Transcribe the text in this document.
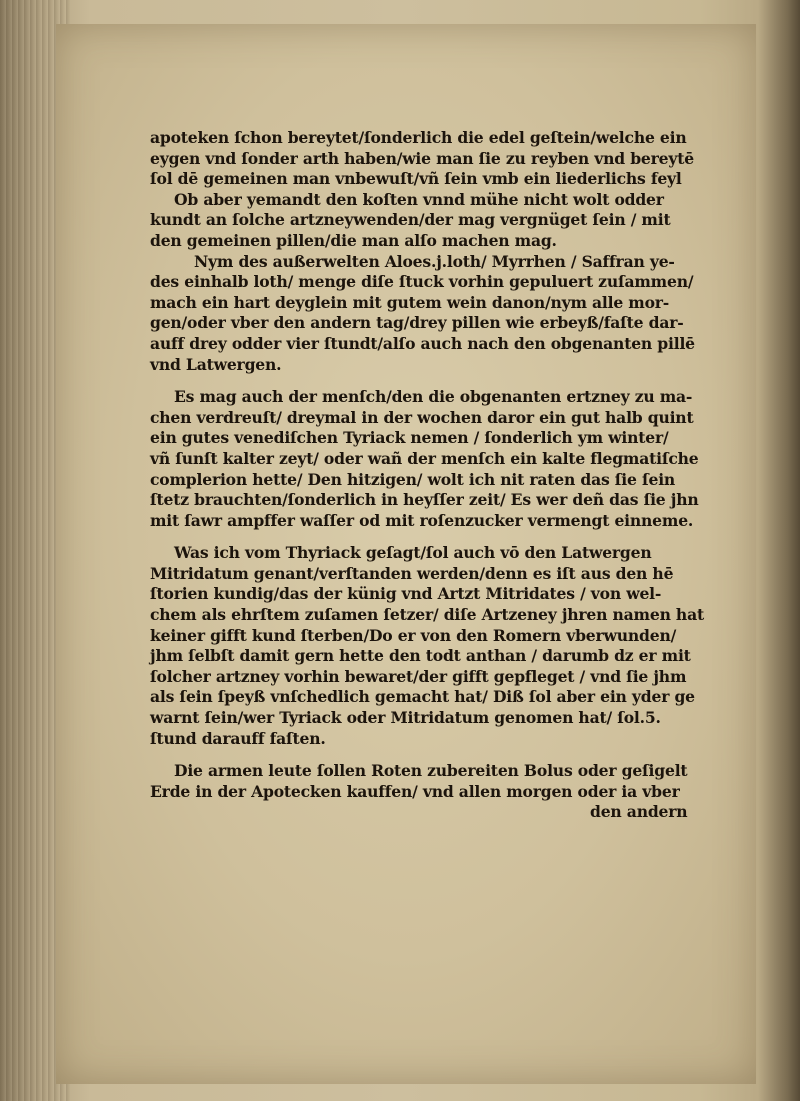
apoteken ſchon bereytet/ſonderlich die edel geſtein/welche ein
eygen vnd ſonder arth haben/wie man ſie zu reyben vnd bereytē
ſol dē gemeinen man vnbewuſt/vñ ſein vmb ein liederlichs feyl
Ob aber yemandt den koſten vnnd mühe nicht wolt odder
kundt an ſolche artzneywenden/der mag vergnüget ſein / mit
den gemeinen pillen/die man alſo machen mag.
Nym des außerwelten Aloes.j.loth/ Myrrhen / Saffran ye-
des einhalb loth/ menge diſe ſtuck vorhin gepuluert zuſammen/
mach ein hart deyglein mit gutem wein danon/nym alle mor-
gen/oder vber den andern tag/drey pillen wie erbeyß/faſte dar-
auff drey odder vier ſtundt/alſo auch nach den obgenanten pillē
vnd Latwergen.
Es mag auch der menſch/den die obgenanten ertzney zu ma-
chen verdreuſt/ dreymal in der wochen daror ein gut halb quint
ein gutes venediſchen Tyriack nemen / ſonderlich ym winter/
vñ ſunſt kalter zeyt/ oder wañ der menſch ein kalte flegmatiſche
complerion hette/ Den hitzigen/ wolt ich nit raten das ſie ſein
ſtetz brauchten/ſonderlich in heyſſer zeit/ Es wer deñ das ſie jhn
mit ſawr ampffer waſſer od mit roſenzucker vermengt einneme.
Was ich vom Thyriack geſagt/ſol auch vō den Latwergen
Mitridatum genant/verſtanden werden/denn es iſt aus den hē
ſtorien kundig/das der künig vnd Artzt Mitridates / von wel-
chem als ehrſtem zuſamen ſetzer/ diſe Artzeney jhren namen hat
keiner gifft kund ſterben/Do er von den Romern vberwunden/
jhm ſelbſt damit gern hette den todt anthan / darumb dz er mit
ſolcher artzney vorhin bewaret/der gifft gepfleget / vnd ſie jhm
als ſein ſpeyß vnſchedlich gemacht hat/ Diß ſol aber ein yder ge
warnt ſein/wer Tyriack oder Mitridatum genomen hat/ ſol.5.
ſtund darauff faſten.
Die armen leute ſollen Roten zubereiten Bolus oder geſigelt
Erde in der Apotecken kauffen/ vnd allen morgen oder ia vber
den andern
